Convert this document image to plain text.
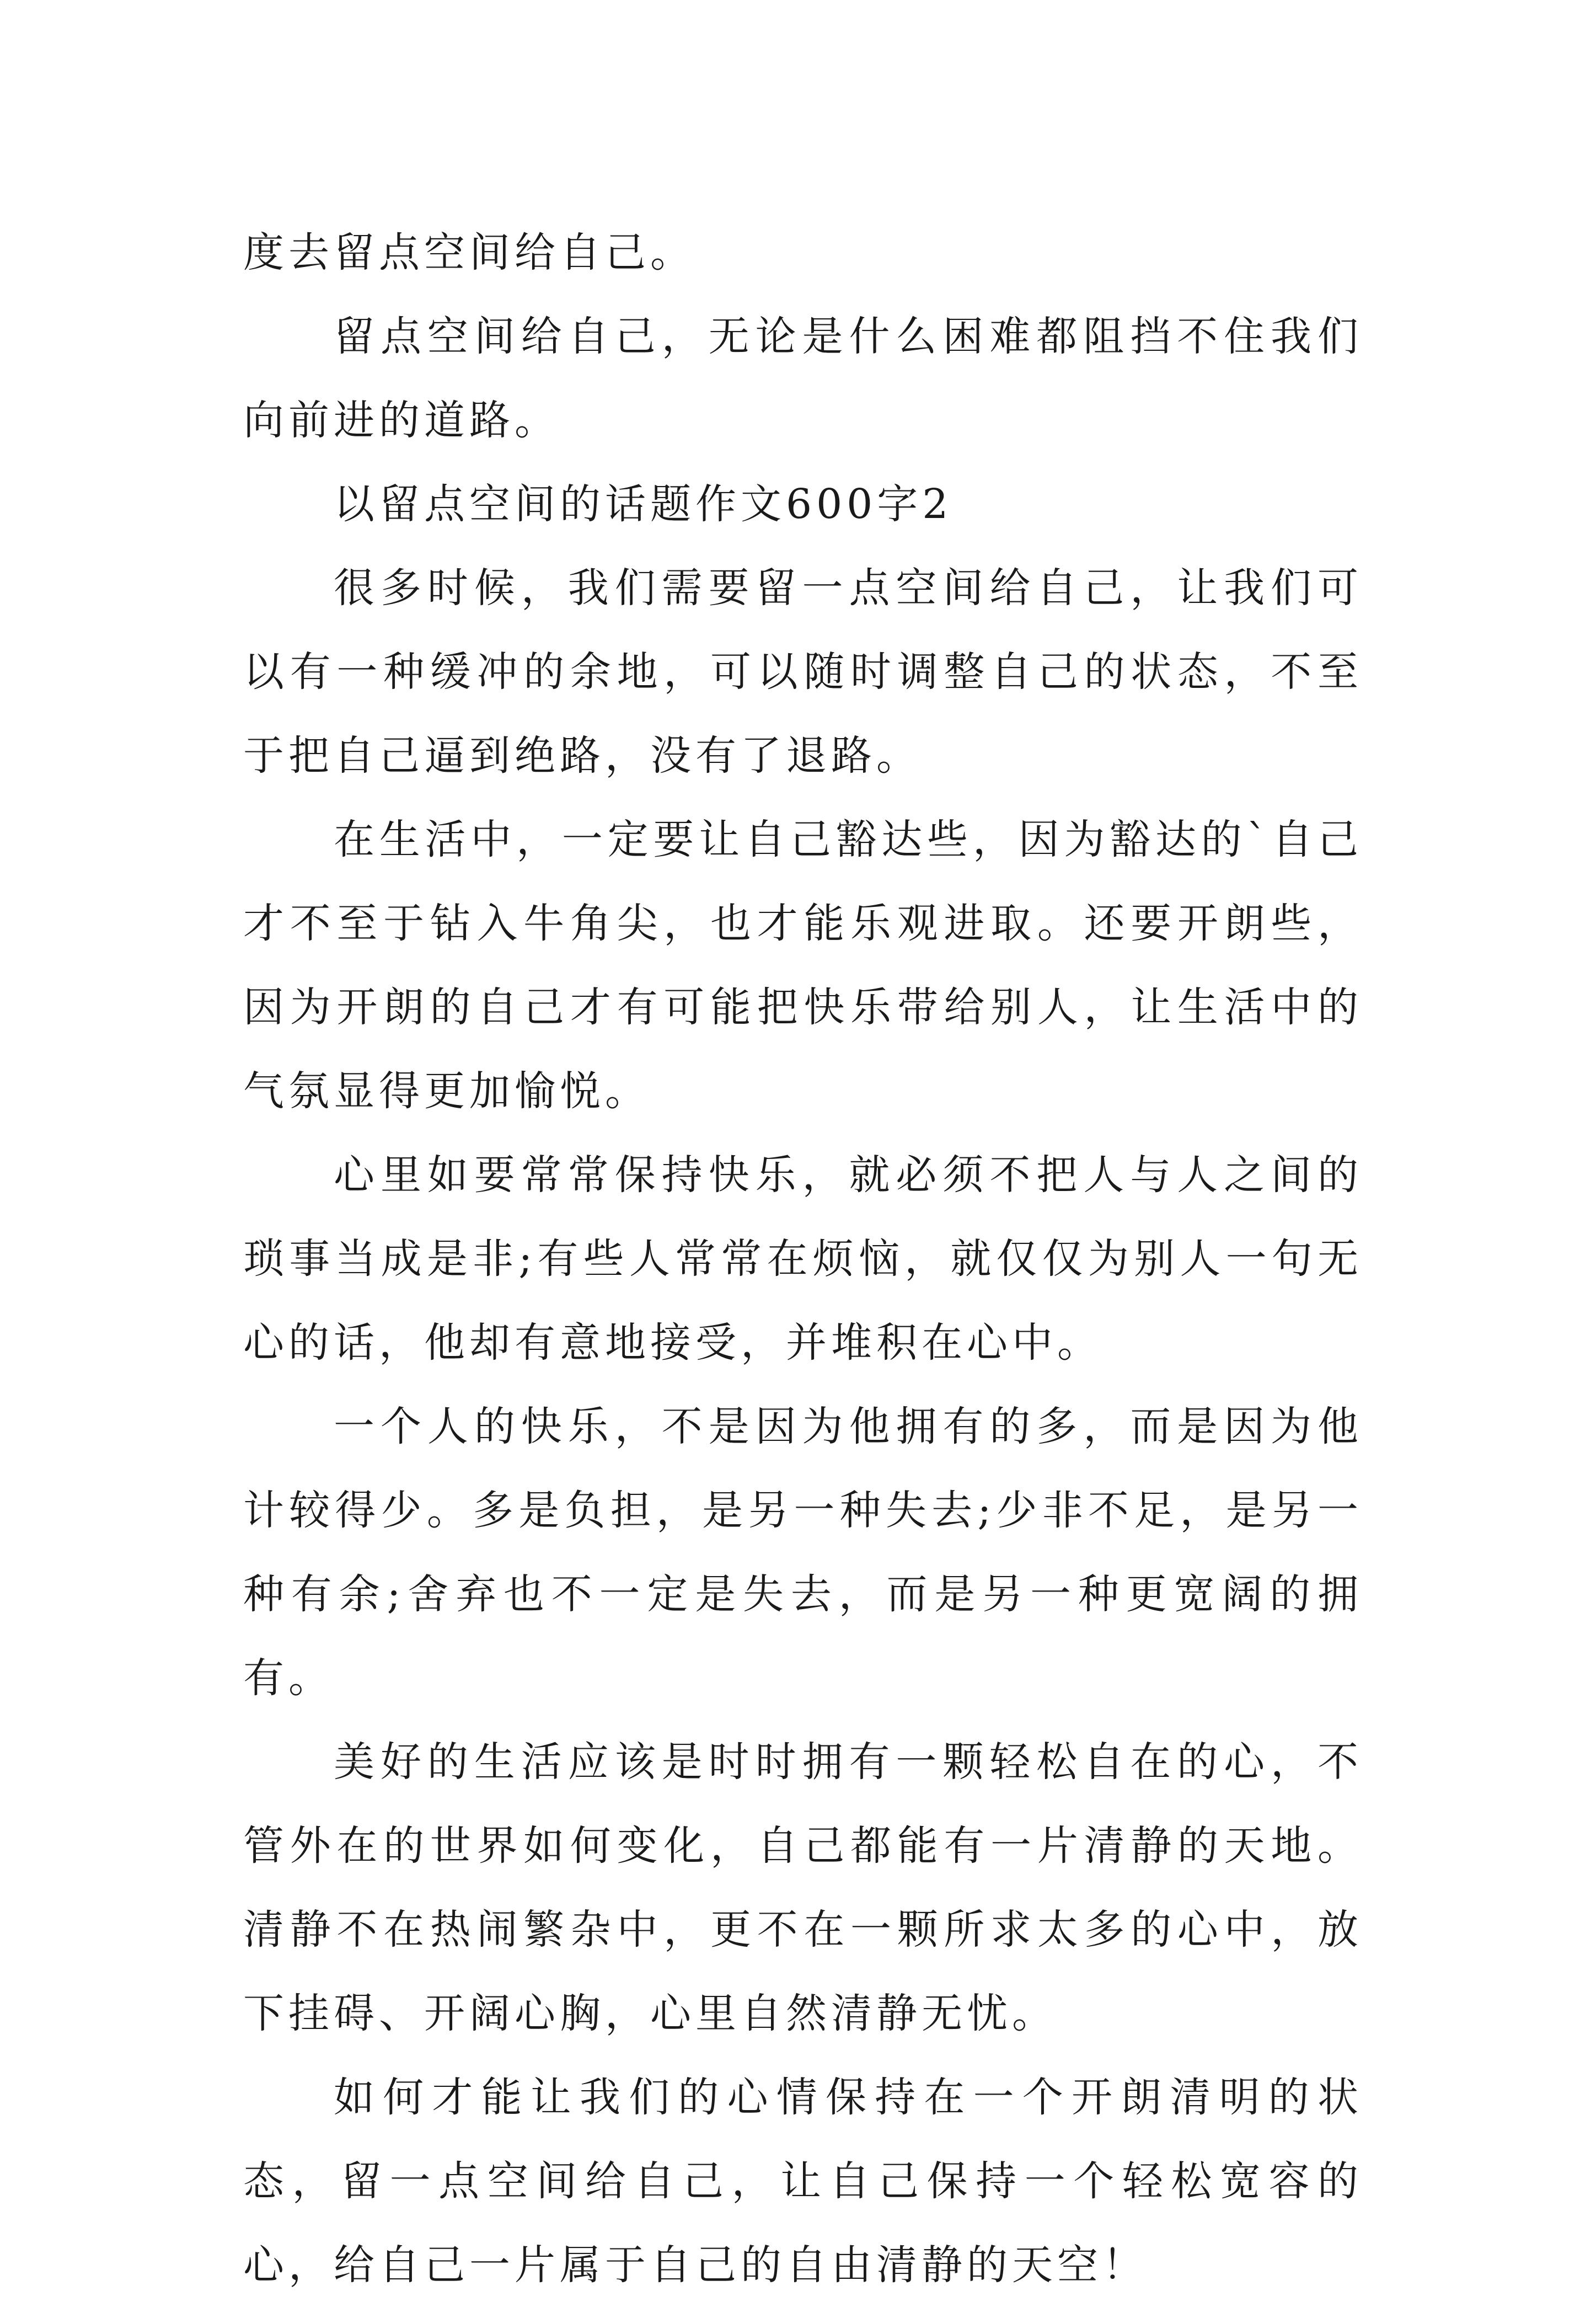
度去留点空间给自己。

留点空间给自己，无论是什么困难都阻挡不住我们向前进的道路。

以留点空间的话题作文600字2

很多时候，我们需要留一点空间给自己，让我们可以有一种缓冲的余地，可以随时调整自己的状态，不至于把自己逼到绝路，没有了退路。

在生活中，一定要让自己豁达些，因为豁达的`自己才不至于钻入牛角尖，也才能乐观进取。还要开朗些，因为开朗的自己才有可能把快乐带给别人，让生活中的气氛显得更加愉悦。

心里如要常常保持快乐，就必须不把人与人之间的琐事当成是非;有些人常常在烦恼，就仅仅为别人一句无心的话，他却有意地接受，并堆积在心中。

一个人的快乐，不是因为他拥有的多，而是因为他计较得少。多是负担，是另一种失去;少非不足，是另一种有余;舍弃也不一定是失去，而是另一种更宽阔的拥有。

美好的生活应该是时时拥有一颗轻松自在的心，不管外在的世界如何变化，自己都能有一片清静的天地。清静不在热闹繁杂中，更不在一颗所求太多的心中，放下挂碍、开阔心胸，心里自然清静无忧。

如何才能让我们的心情保持在一个开朗清明的状态，留一点空间给自己，让自己保持一个轻松宽容的心，给自己一片属于自己的自由清静的天空！
